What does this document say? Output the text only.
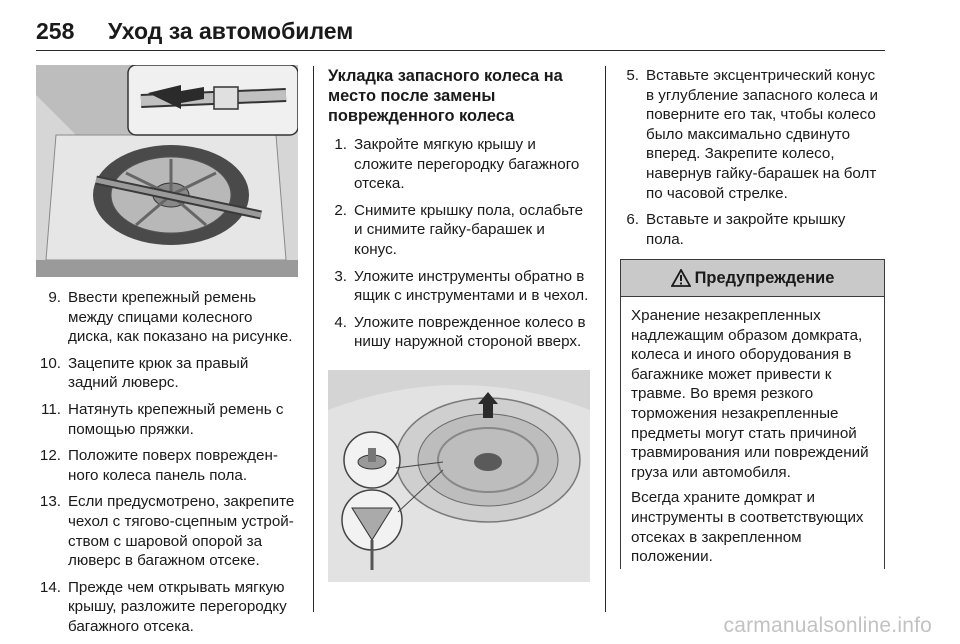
258	Уход за автомобилем
9. Ввести крепежный ремень между спицами колесного диска, как показано на рисунке.
10. Зацепите крюк за правый задний люверс.
11. Натянуть крепежный ремень с помощью пряжки.
12. Положите поверх поврежденного колеса панель пола.
13. Если предусмотрено, закрепите чехол с тягово-сцепным устройством с шаровой опорой за люверс в багажном отсеке.
14. Прежде чем открывать мягкую крышу, разложите перегородку багажного отсека.
Укладка запасного колеса на место после замены поврежденного колеса
1. Закройте мягкую крышу и сложите перегородку багажного отсека.
2. Снимите крышку пола, ослабьте и снимите гайку-барашек и конус.
3. Уложите инструменты обратно в ящик с инструментами и в чехол.
4. Уложите поврежденное колесо в нишу наружной стороной вверх.
5. Вставьте эксцентрический конус в углубление запасного колеса и поверните его так, чтобы колесо было максимально сдвинуто вперед. Закрепите колесо, навернув гайку-барашек на болт по часовой стрелке.
6. Вставьте и закройте крышку пола.
Предупреждение

Хранение незакрепленных надлежащим образом домкрата, колеса и иного оборудования в багажнике может привести к травме. Во время резкого торможения незакрепленные предметы могут стать причиной травмирования или повреждений груза или автомобиля.

Всегда храните домкрат и инструменты в соответствующих отсеках в закрепленном положении.

carmanualsonline.info
